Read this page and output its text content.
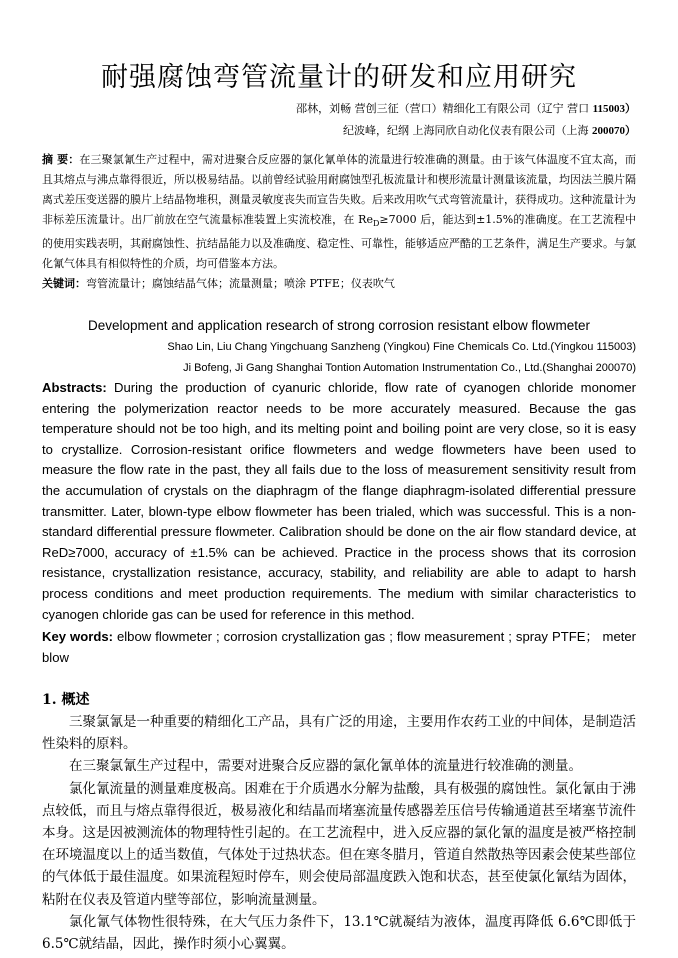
耐强腐蚀弯管流量计的研发和应用研究
邵林，刘畅 营创三征（营口）精细化工有限公司（辽宁 营口 115003）
纪波峰，纪纲 上海同欣自动化仪表有限公司（上海 200070）
摘 要：在三聚氯氰生产过程中，需对进聚合反应器的氯化氰单体的流量进行较准确的测量。由于该气体温度不宜太高，而且其熔点与沸点靠得很近，所以极易结晶。以前曾经试验用耐腐蚀型孔板流量计和楔形流量计测量该流量，均因法兰膜片隔离式差压变送器的膜片上结晶物堆积，测量灵敏度丧失而宣告失败。后来改用吹气式弯管流量计，获得成功。这种流量计为非标差压流量计。出厂前放在空气流量标准装置上实流校准，在 $Re_D\ge 7000$ 后，能达到±1.5%的准确度。在工艺流程中的使用实践表明，其耐腐蚀性、抗结晶能力以及准确度、稳定性、可靠性，能够适应严酷的工艺条件，满足生产要求。与氯化氰气体具有相似特性的介质，均可借鉴本方法。
关键词：弯管流量计；腐蚀结晶气体；流量测量；喷涂 PTFE；仪表吹气
Development and application research of strong corrosion resistant elbow flowmeter
Shao Lin, Liu Chang Yingchuang Sanzheng (Yingkou) Fine Chemicals Co. Ltd.(Yingkou 115003)
Ji Bofeng, Ji Gang Shanghai Tontion Automation Instrumentation Co., Ltd.(Shanghai 200070)
Abstracts: During the production of cyanuric chloride, flow rate of cyanogen chloride monomer entering the polymerization reactor needs to be more accurately measured. Because the gas temperature should not be too high, and its melting point and boiling point are very close, so it is easy to crystallize. Corrosion-resistant orifice flowmeters and wedge flowmeters have been used to measure the flow rate in the past, they all fails due to the loss of measurement sensitivity result from the accumulation of crystals on the diaphragm of the flange diaphragm-isolated differential pressure transmitter. Later, blown-type elbow flowmeter has been trialed, which was successful. This is a non-standard differential pressure flowmeter. Calibration should be done on the air flow standard device, at ReD≥7000, accuracy of ±1.5% can be achieved. Practice in the process shows that its corrosion resistance, crystallization resistance, accuracy, stability, and reliability are able to adapt to harsh process conditions and meet production requirements. The medium with similar characteristics to cyanogen chloride gas can be used for reference in this method.
Key words: elbow flowmeter ; corrosion crystallization gas ; flow measurement ; spray PTFE； meter blow
1. 概述

三聚氯氰是一种重要的精细化工产品，具有广泛的用途，主要用作农药工业的中间体，是制造活性染料的原料。

在三聚氯氰生产过程中，需要对进聚合反应器的氯化氰单体的流量进行较准确的测量。

氯化氰流量的测量难度极高。困难在于介质遇水分解为盐酸，具有极强的腐蚀性。氯化氰由于沸点较低，而且与熔点靠得很近，极易液化和结晶而堵塞流量传感器差压信号传输通道甚至堵塞节流件本身。这是因被测流体的物理特性引起的。在工艺流程中，进入反应器的氯化氰的温度是被严格控制在环境温度以上的适当数值，气体处于过热状态。但在寒冬腊月，管道自然散热等因素会使某些部位的气体低于最佳温度。如果流程短时停车，则会使局部温度跌入饱和状态，甚至使氯化氰结为固体，粘附在仪表及管道内壁等部位，影响流量测量。

氯化氰气体物性很特殊，在大气压力条件下，13.1℃就凝结为液体，温度再降低 6.6℃即低于6.5℃就结晶，因此，操作时须小心翼翼。
